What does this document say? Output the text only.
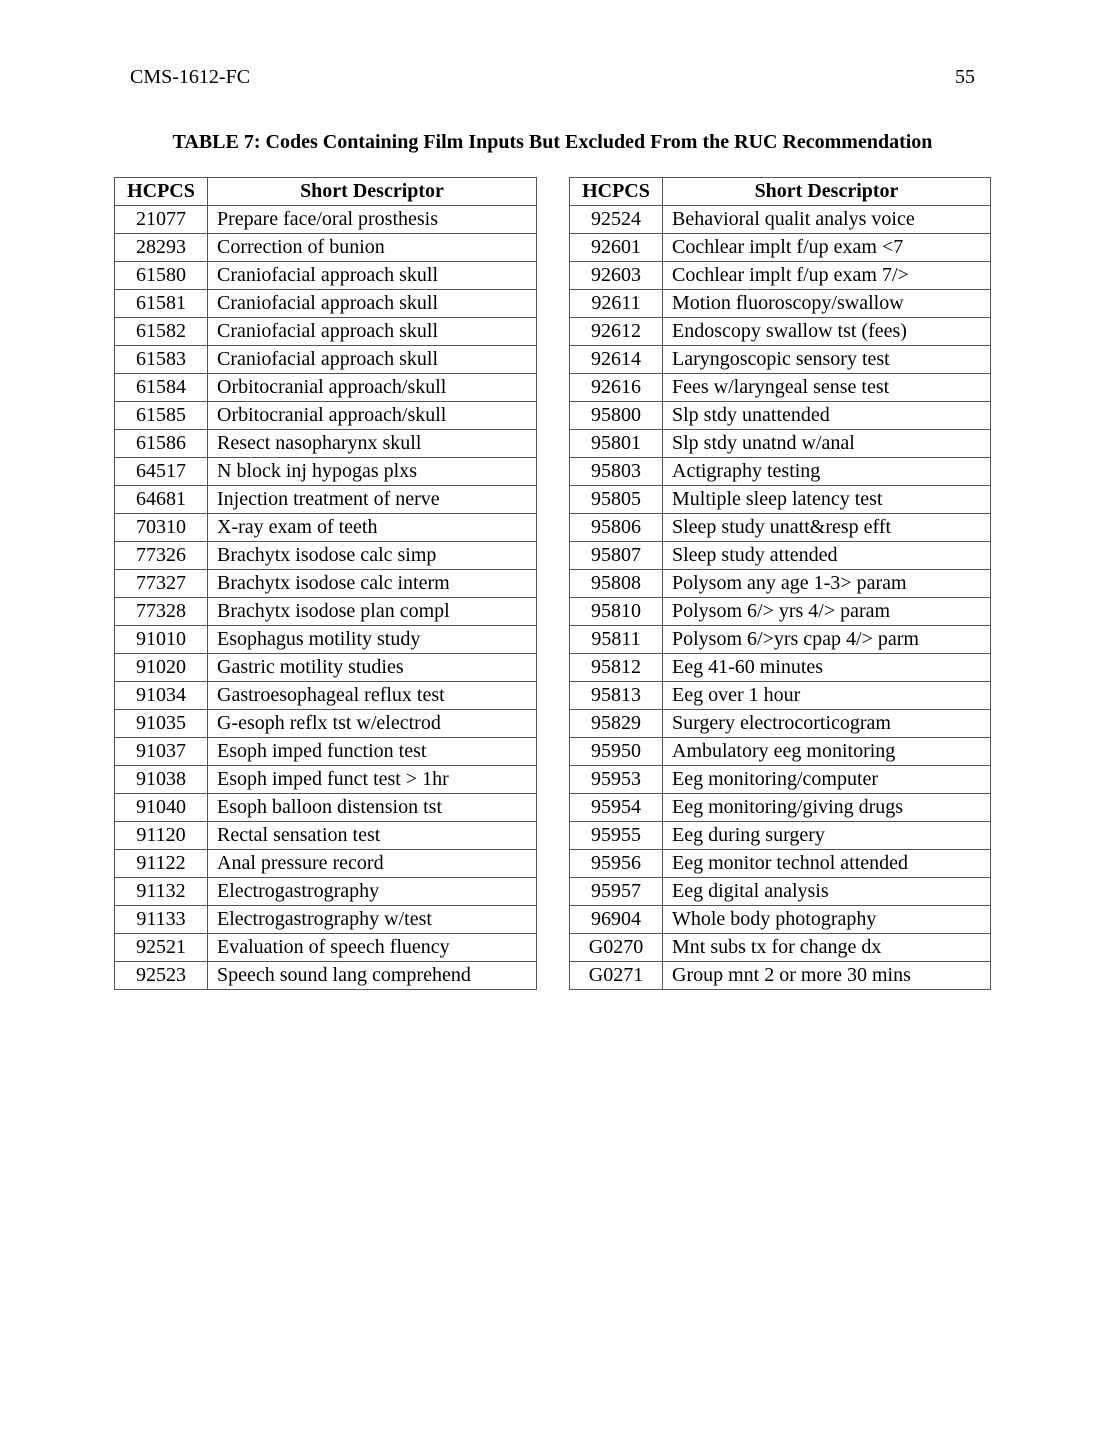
CMS-1612-FC	55
TABLE 7: Codes Containing Film Inputs But Excluded From the RUC Recommendation
HCPCS	Short Descriptor
21077	Prepare face/oral prosthesis
28293	Correction of bunion
61580	Craniofacial approach skull
61581	Craniofacial approach skull
61582	Craniofacial approach skull
61583	Craniofacial approach skull
61584	Orbitocranial approach/skull
61585	Orbitocranial approach/skull
61586	Resect nasopharynx skull
64517	N block inj hypogas plxs
64681	Injection treatment of nerve
70310	X-ray exam of teeth
77326	Brachytx isodose calc simp
77327	Brachytx isodose calc interm
77328	Brachytx isodose plan compl
91010	Esophagus motility study
91020	Gastric motility studies
91034	Gastroesophageal reflux test
91035	G-esoph reflx tst w/electrod
91037	Esoph imped function test
91038	Esoph imped funct test > 1hr
91040	Esoph balloon distension tst
91120	Rectal sensation test
91122	Anal pressure record
91132	Electrogastrography
91133	Electrogastrography w/test
92521	Evaluation of speech fluency
92523	Speech sound lang comprehend
HCPCS	Short Descriptor
92524	Behavioral qualit analys voice
92601	Cochlear implt f/up exam <7
92603	Cochlear implt f/up exam 7/>
92611	Motion fluoroscopy/swallow
92612	Endoscopy swallow tst (fees)
92614	Laryngoscopic sensory test
92616	Fees w/laryngeal sense test
95800	Slp stdy unattended
95801	Slp stdy unatnd w/anal
95803	Actigraphy testing
95805	Multiple sleep latency test
95806	Sleep study unatt&resp efft
95807	Sleep study attended
95808	Polysom any age 1-3> param
95810	Polysom 6/> yrs 4/> param
95811	Polysom 6/>yrs cpap 4/> parm
95812	Eeg 41-60 minutes
95813	Eeg over 1 hour
95829	Surgery electrocorticogram
95950	Ambulatory eeg monitoring
95953	Eeg monitoring/computer
95954	Eeg monitoring/giving drugs
95955	Eeg during surgery
95956	Eeg monitor technol attended
95957	Eeg digital analysis
96904	Whole body photography
G0270	Mnt subs tx for change dx
G0271	Group mnt 2 or more 30 mins
